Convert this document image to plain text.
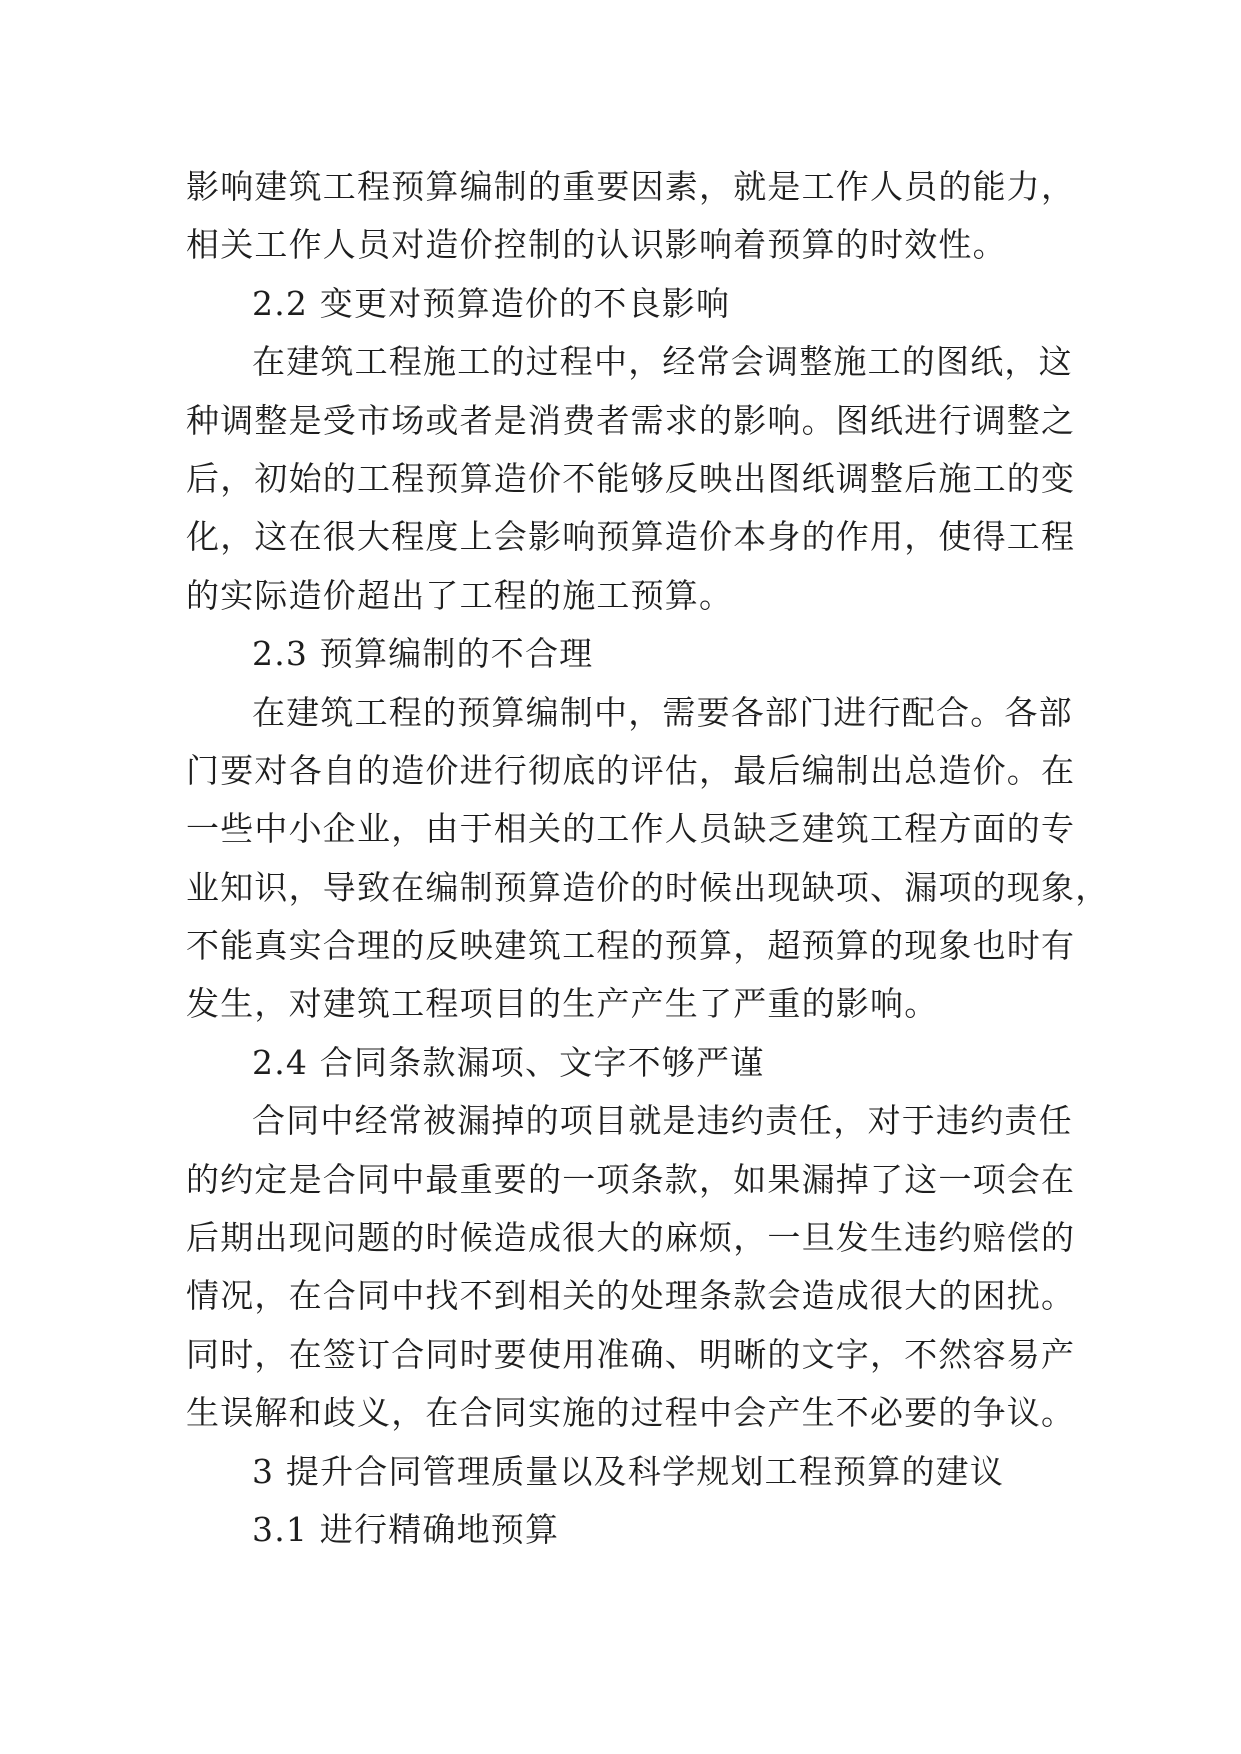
影响建筑工程预算编制的重要因素，就是工作人员的能力，
相关工作人员对造价控制的认识影响着预算的时效性。
2.2 变更对预算造价的不良影响
在建筑工程施工的过程中，经常会调整施工的图纸，这
种调整是受市场或者是消费者需求的影响。图纸进行调整之
后，初始的工程预算造价不能够反映出图纸调整后施工的变
化，这在很大程度上会影响预算造价本身的作用，使得工程
的实际造价超出了工程的施工预算。
2.3 预算编制的不合理
在建筑工程的预算编制中，需要各部门进行配合。各部
门要对各自的造价进行彻底的评估，最后编制出总造价。在
一些中小企业，由于相关的工作人员缺乏建筑工程方面的专
业知识，导致在编制预算造价的时候出现缺项、漏项的现象，
不能真实合理的反映建筑工程的预算，超预算的现象也时有
发生，对建筑工程项目的生产产生了严重的影响。
2.4 合同条款漏项、文字不够严谨
合同中经常被漏掉的项目就是违约责任，对于违约责任
的约定是合同中最重要的一项条款，如果漏掉了这一项会在
后期出现问题的时候造成很大的麻烦，一旦发生违约赔偿的
情况，在合同中找不到相关的处理条款会造成很大的困扰。
同时，在签订合同时要使用准确、明晰的文字，不然容易产
生误解和歧义，在合同实施的过程中会产生不必要的争议。
3 提升合同管理质量以及科学规划工程预算的建议
3.1 进行精确地预算
